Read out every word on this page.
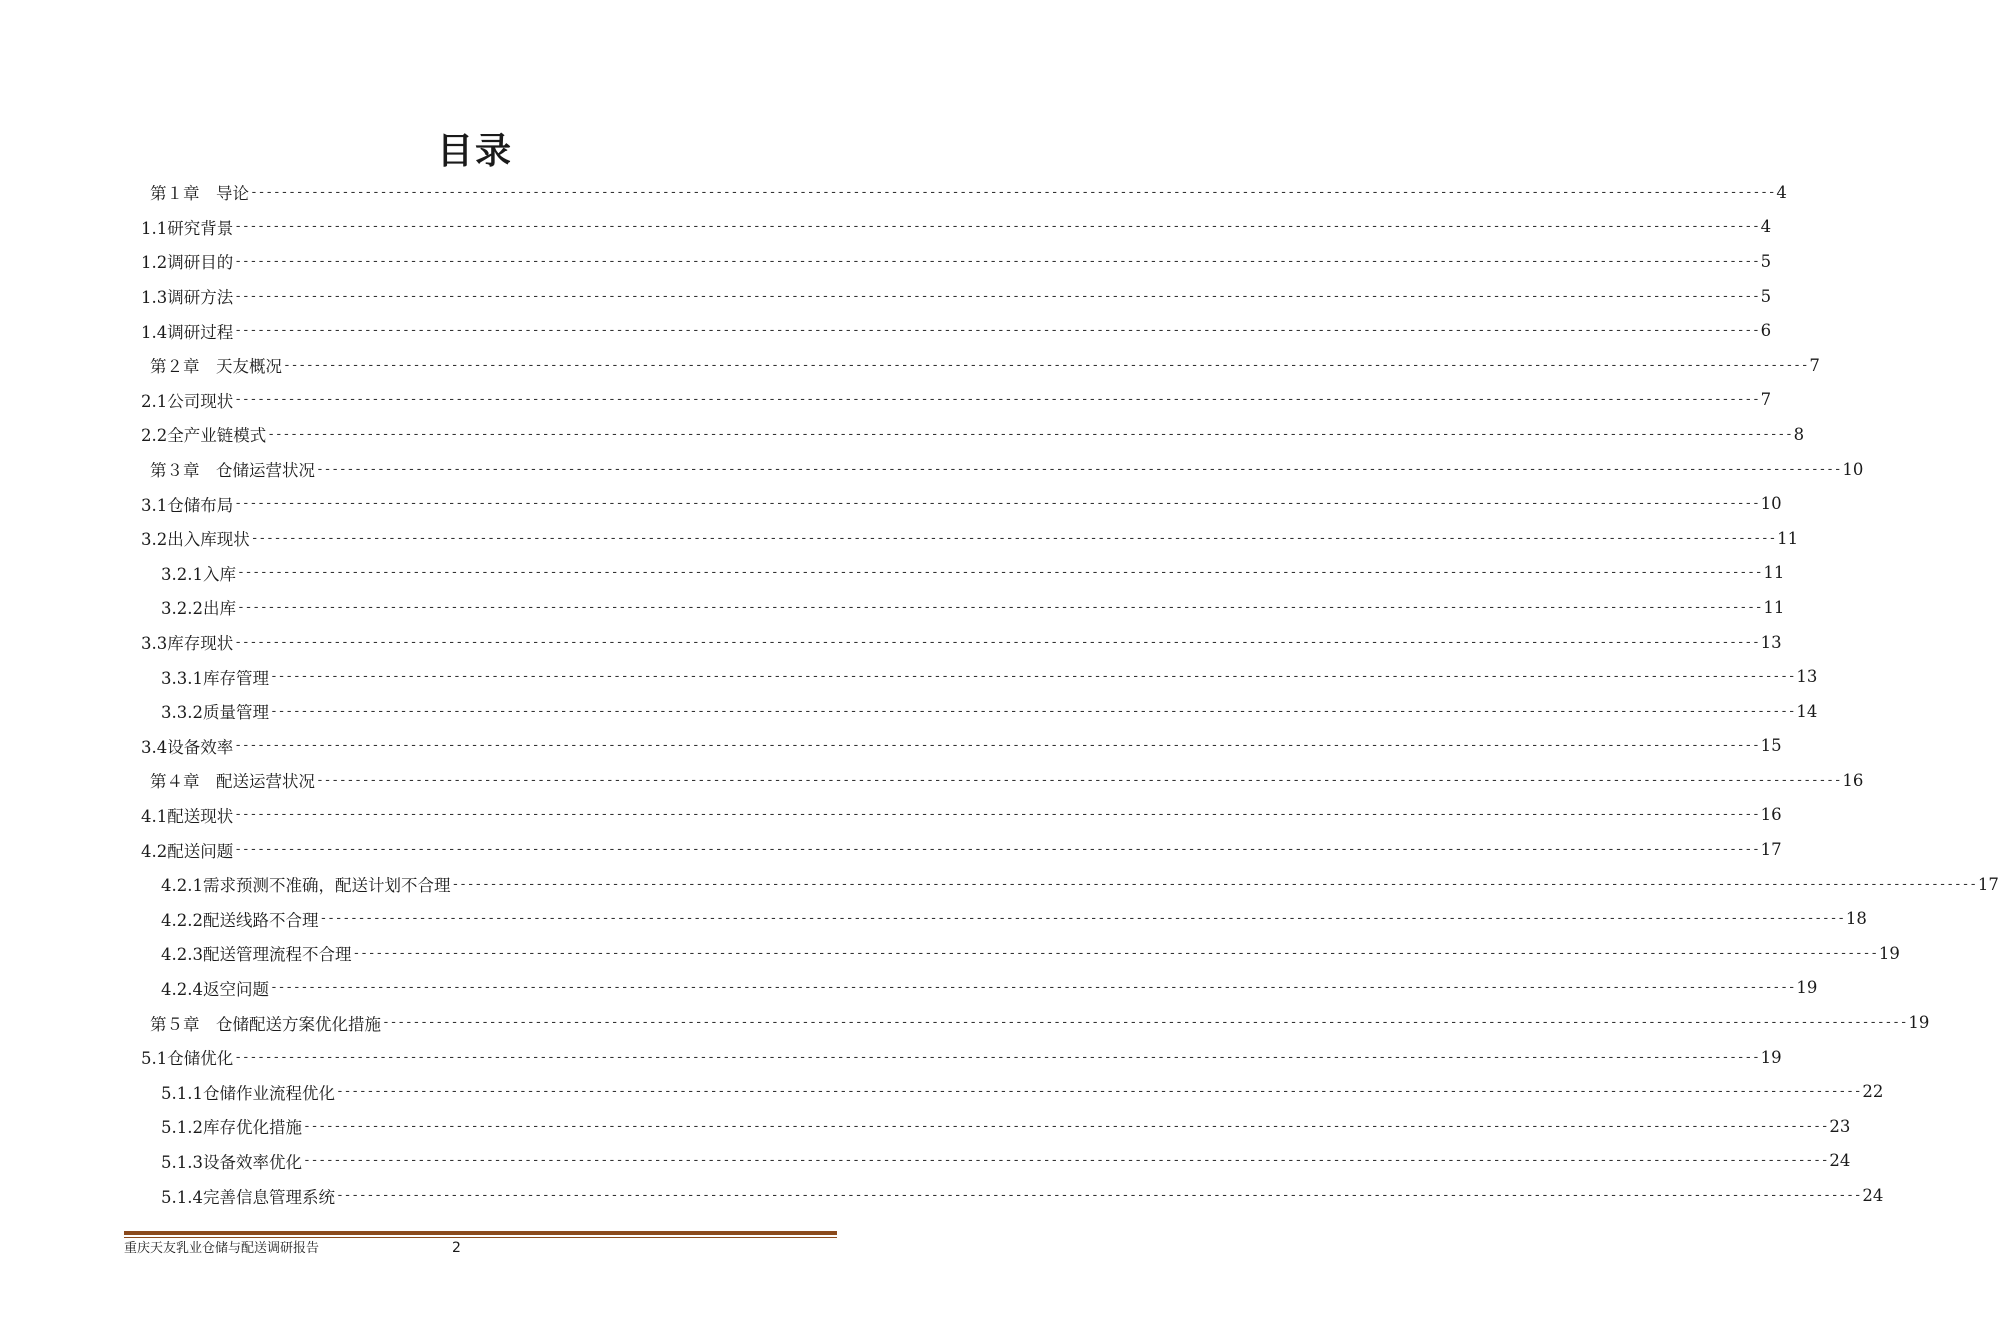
目录
第１章　导论 -------------------------------------------------------------------------------------------------------------------------------------------------------------------------------------------------------- 4
1.1研究背景 -------------------------------------------------------------------------------------------------------------------------------------------------------------------------------------------------------- 4
1.2调研目的 -------------------------------------------------------------------------------------------------------------------------------------------------------------------------------------------------------- 5
1.3调研方法 -------------------------------------------------------------------------------------------------------------------------------------------------------------------------------------------------------- 5
1.4调研过程 -------------------------------------------------------------------------------------------------------------------------------------------------------------------------------------------------------- 6
第２章　天友概况 -------------------------------------------------------------------------------------------------------------------------------------------------------------------------------------------------------- 7
2.1公司现状 -------------------------------------------------------------------------------------------------------------------------------------------------------------------------------------------------------- 7
2.2全产业链模式 -------------------------------------------------------------------------------------------------------------------------------------------------------------------------------------------------------- 8
第３章　仓储运营状况 -------------------------------------------------------------------------------------------------------------------------------------------------------------------------------------------------------- 10
3.1仓储布局 -------------------------------------------------------------------------------------------------------------------------------------------------------------------------------------------------------- 10
3.2出入库现状 -------------------------------------------------------------------------------------------------------------------------------------------------------------------------------------------------------- 11
3.2.1入库 -------------------------------------------------------------------------------------------------------------------------------------------------------------------------------------------------------- 11
3.2.2出库 -------------------------------------------------------------------------------------------------------------------------------------------------------------------------------------------------------- 11
3.3库存现状 -------------------------------------------------------------------------------------------------------------------------------------------------------------------------------------------------------- 13
3.3.1库存管理 -------------------------------------------------------------------------------------------------------------------------------------------------------------------------------------------------------- 13
3.3.2质量管理 -------------------------------------------------------------------------------------------------------------------------------------------------------------------------------------------------------- 14
3.4设备效率 -------------------------------------------------------------------------------------------------------------------------------------------------------------------------------------------------------- 15
第４章　配送运营状况 -------------------------------------------------------------------------------------------------------------------------------------------------------------------------------------------------------- 16
4.1配送现状 -------------------------------------------------------------------------------------------------------------------------------------------------------------------------------------------------------- 16
4.2配送问题 -------------------------------------------------------------------------------------------------------------------------------------------------------------------------------------------------------- 17
4.2.1需求预测不准确，配送计划不合理 -------------------------------------------------------------------------------------------------------------------------------------------------------------------------------------------------------- 17
4.2.2配送线路不合理 -------------------------------------------------------------------------------------------------------------------------------------------------------------------------------------------------------- 18
4.2.3配送管理流程不合理 -------------------------------------------------------------------------------------------------------------------------------------------------------------------------------------------------------- 19
4.2.4返空问题 -------------------------------------------------------------------------------------------------------------------------------------------------------------------------------------------------------- 19
第５章　仓储配送方案优化措施 -------------------------------------------------------------------------------------------------------------------------------------------------------------------------------------------------------- 19
5.1仓储优化 -------------------------------------------------------------------------------------------------------------------------------------------------------------------------------------------------------- 19
5.1.1仓储作业流程优化 -------------------------------------------------------------------------------------------------------------------------------------------------------------------------------------------------------- 22
5.1.2库存优化措施 -------------------------------------------------------------------------------------------------------------------------------------------------------------------------------------------------------- 23
5.1.3设备效率优化 -------------------------------------------------------------------------------------------------------------------------------------------------------------------------------------------------------- 24
5.1.4完善信息管理系统 -------------------------------------------------------------------------------------------------------------------------------------------------------------------------------------------------------- 24
重庆天友乳业仓储与配送调研报告	2
